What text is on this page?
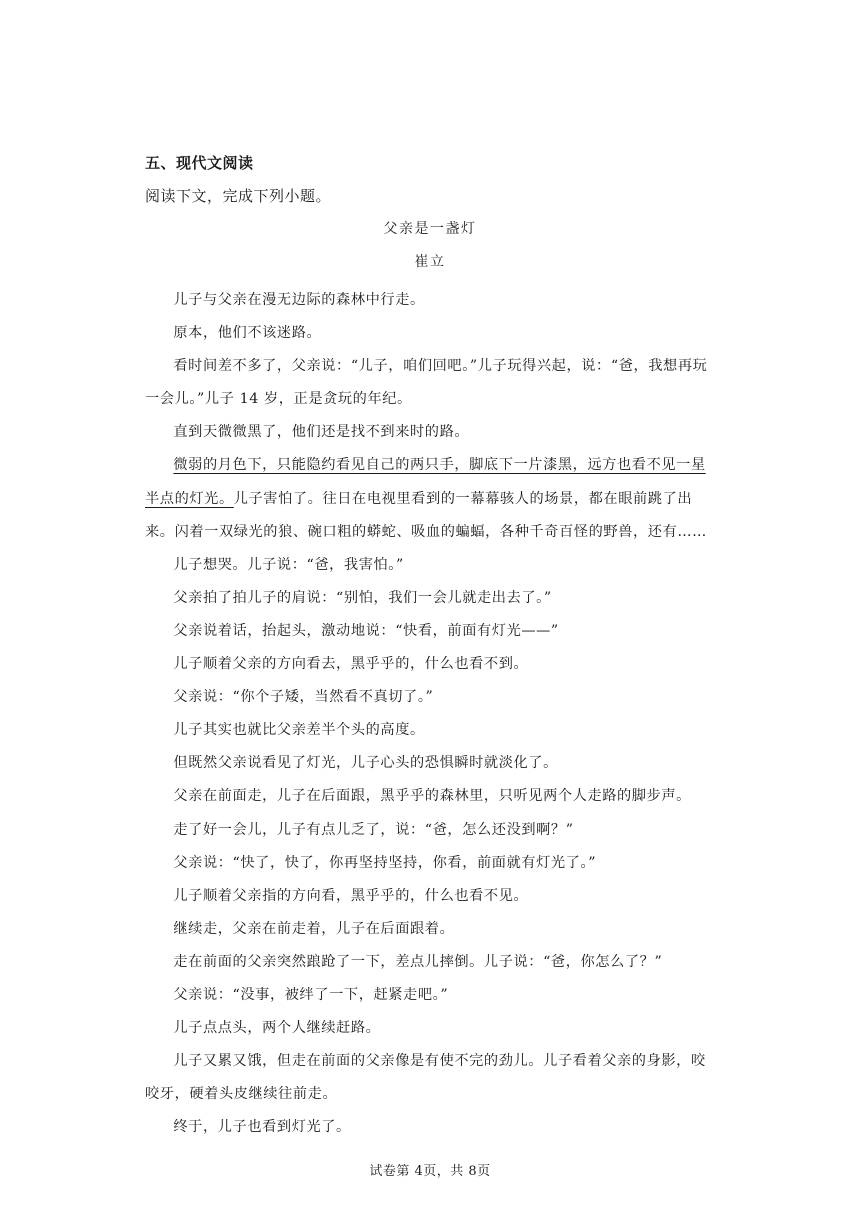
五、现代文阅读
阅读下文，完成下列小题。
父亲是一盏灯
崔立

儿子与父亲在漫无边际的森林中行走。

原本，他们不该迷路。

看时间差不多了，父亲说：“儿子，咱们回吧。”儿子玩得兴起，说：“爸，我想再玩一会儿。”儿子 14 岁，正是贪玩的年纪。

直到天微微黑了，他们还是找不到来时的路。

微弱的月色下，只能隐约看见自己的两只手，脚底下一片漆黑，远方也看不见一星半点的灯光。儿子害怕了。往日在电视里看到的一幕幕骇人的场景，都在眼前跳了出来。闪着一双绿光的狼、碗口粗的蟒蛇、吸血的蝙蝠，各种千奇百怪的野兽，还有……

儿子想哭。儿子说：“爸，我害怕。”

父亲拍了拍儿子的肩说：“别怕，我们一会儿就走出去了。”

父亲说着话，抬起头，激动地说：“快看，前面有灯光——”

儿子顺着父亲的方向看去，黑乎乎的，什么也看不到。

父亲说：“你个子矮，当然看不真切了。”

儿子其实也就比父亲差半个头的高度。

但既然父亲说看见了灯光，儿子心头的恐惧瞬时就淡化了。

父亲在前面走，儿子在后面跟，黑乎乎的森林里，只听见两个人走路的脚步声。

走了好一会儿，儿子有点儿乏了，说：“爸，怎么还没到啊？”

父亲说：“快了，快了，你再坚持坚持，你看，前面就有灯光了。”

儿子顺着父亲指的方向看，黑乎乎的，什么也看不见。

继续走，父亲在前走着，儿子在后面跟着。

走在前面的父亲突然踉跄了一下，差点儿摔倒。儿子说：“爸，你怎么了？”

父亲说：“没事，被绊了一下，赶紧走吧。”

儿子点点头，两个人继续赶路。

儿子又累又饿，但走在前面的父亲像是有使不完的劲儿。儿子看着父亲的身影，咬咬牙，硬着头皮继续往前走。

终于，儿子也看到灯光了。

试卷第 4页，共 8页
